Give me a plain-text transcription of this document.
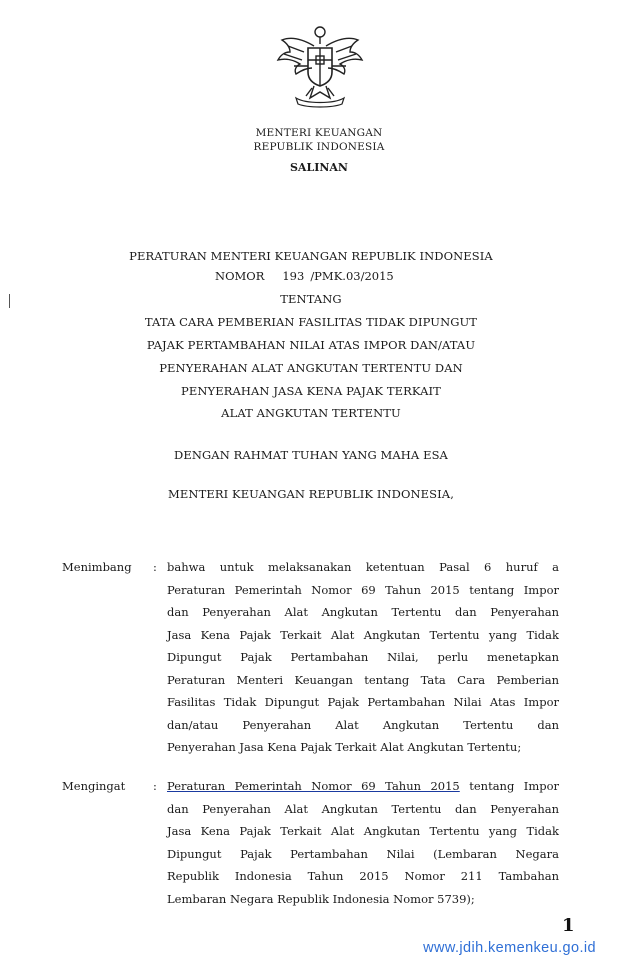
MENTERI KEUANGAN
REPUBLIK INDONESIA
SALINAN
PERATURAN MENTERI KEUANGAN REPUBLIK INDONESIA
NOMOR 193 /PMK.03/2015
TENTANG
TATA CARA PEMBERIAN FASILITAS TIDAK DIPUNGUT
PAJAK PERTAMBAHAN NILAI ATAS IMPOR DAN/ATAU
PENYERAHAN ALAT ANGKUTAN TERTENTU DAN
PENYERAHAN JASA KENA PAJAK TERKAIT
ALAT ANGKUTAN TERTENTU
DENGAN RAHMAT TUHAN YANG MAHA ESA
MENTERI KEUANGAN REPUBLIK INDONESIA,
Menimbang : bahwa untuk melaksanakan ketentuan Pasal 6 huruf a
Peraturan Pemerintah Nomor 69 Tahun 2015 tentang Impor
dan Penyerahan Alat Angkutan Tertentu dan Penyerahan
Jasa Kena Pajak Terkait Alat Angkutan Tertentu yang Tidak
Dipungut Pajak Pertambahan Nilai, perlu menetapkan
Peraturan Menteri Keuangan tentang Tata Cara Pemberian
Fasilitas Tidak Dipungut Pajak Pertambahan Nilai Atas Impor
dan/atau Penyerahan Alat Angkutan Tertentu dan
Penyerahan Jasa Kena Pajak Terkait Alat Angkutan Tertentu;
Mengingat : Peraturan Pemerintah Nomor 69 Tahun 2015 tentang Impor
dan Penyerahan Alat Angkutan Tertentu dan Penyerahan
Jasa Kena Pajak Terkait Alat Angkutan Tertentu yang Tidak
Dipungut Pajak Pertambahan Nilai (Lembaran Negara
Republik Indonesia Tahun 2015 Nomor 211 Tambahan
Lembaran Negara Republik Indonesia Nomor 5739);
1
www.jdih.kemenkeu.go.id
